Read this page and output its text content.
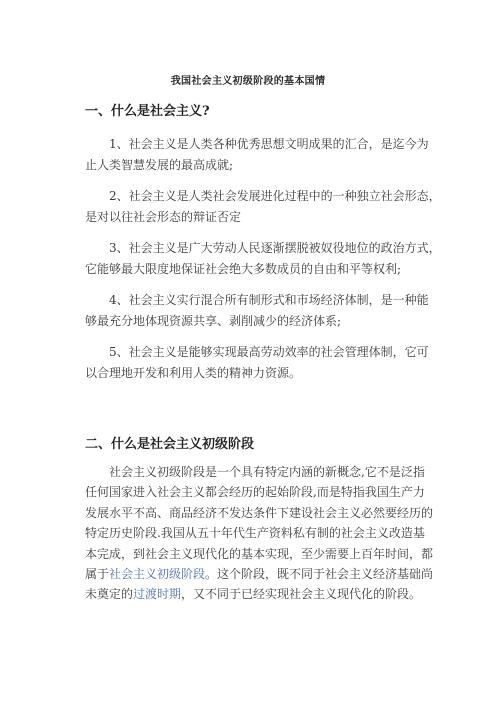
我国社会主义初级阶段的基本国情
一、什么是社会主义?
1、社会主义是人类各种优秀思想文明成果的汇合，是迄今为
止人类智慧发展的最高成就;
2、社会主义是人类社会发展进化过程中的一种独立社会形态，
是对以往社会形态的辩证否定
3、社会主义是广大劳动人民逐渐摆脱被奴役地位的政治方式，
它能够最大限度地保证社会绝大多数成员的自由和平等权利;
4、社会主义实行混合所有制形式和市场经济体制，是一种能
够最充分地体现资源共享、剥削减少的经济体系;
5、社会主义是能够实现最高劳动效率的社会管理体制，它可
以合理地开发和利用人类的精神力资源。
二、什么是社会主义初级阶段
社会主义初级阶段是一个具有特定内涵的新概念,它不是泛指
任何国家进入社会主义都会经历的起始阶段,而是特指我国生产力
发展水平不高、商品经济不发达条件下建设社会主义必然要经历的
特定历史阶段.我国从五十年代生产资料私有制的社会主义改造基
本完成，到社会主义现代化的基本实现，至少需要上百年时间，都
属于社会主义初级阶段。这个阶段，既不同于社会主义经济基础尚
未奠定的过渡时期，又不同于已经实现社会主义现代化的阶段。
